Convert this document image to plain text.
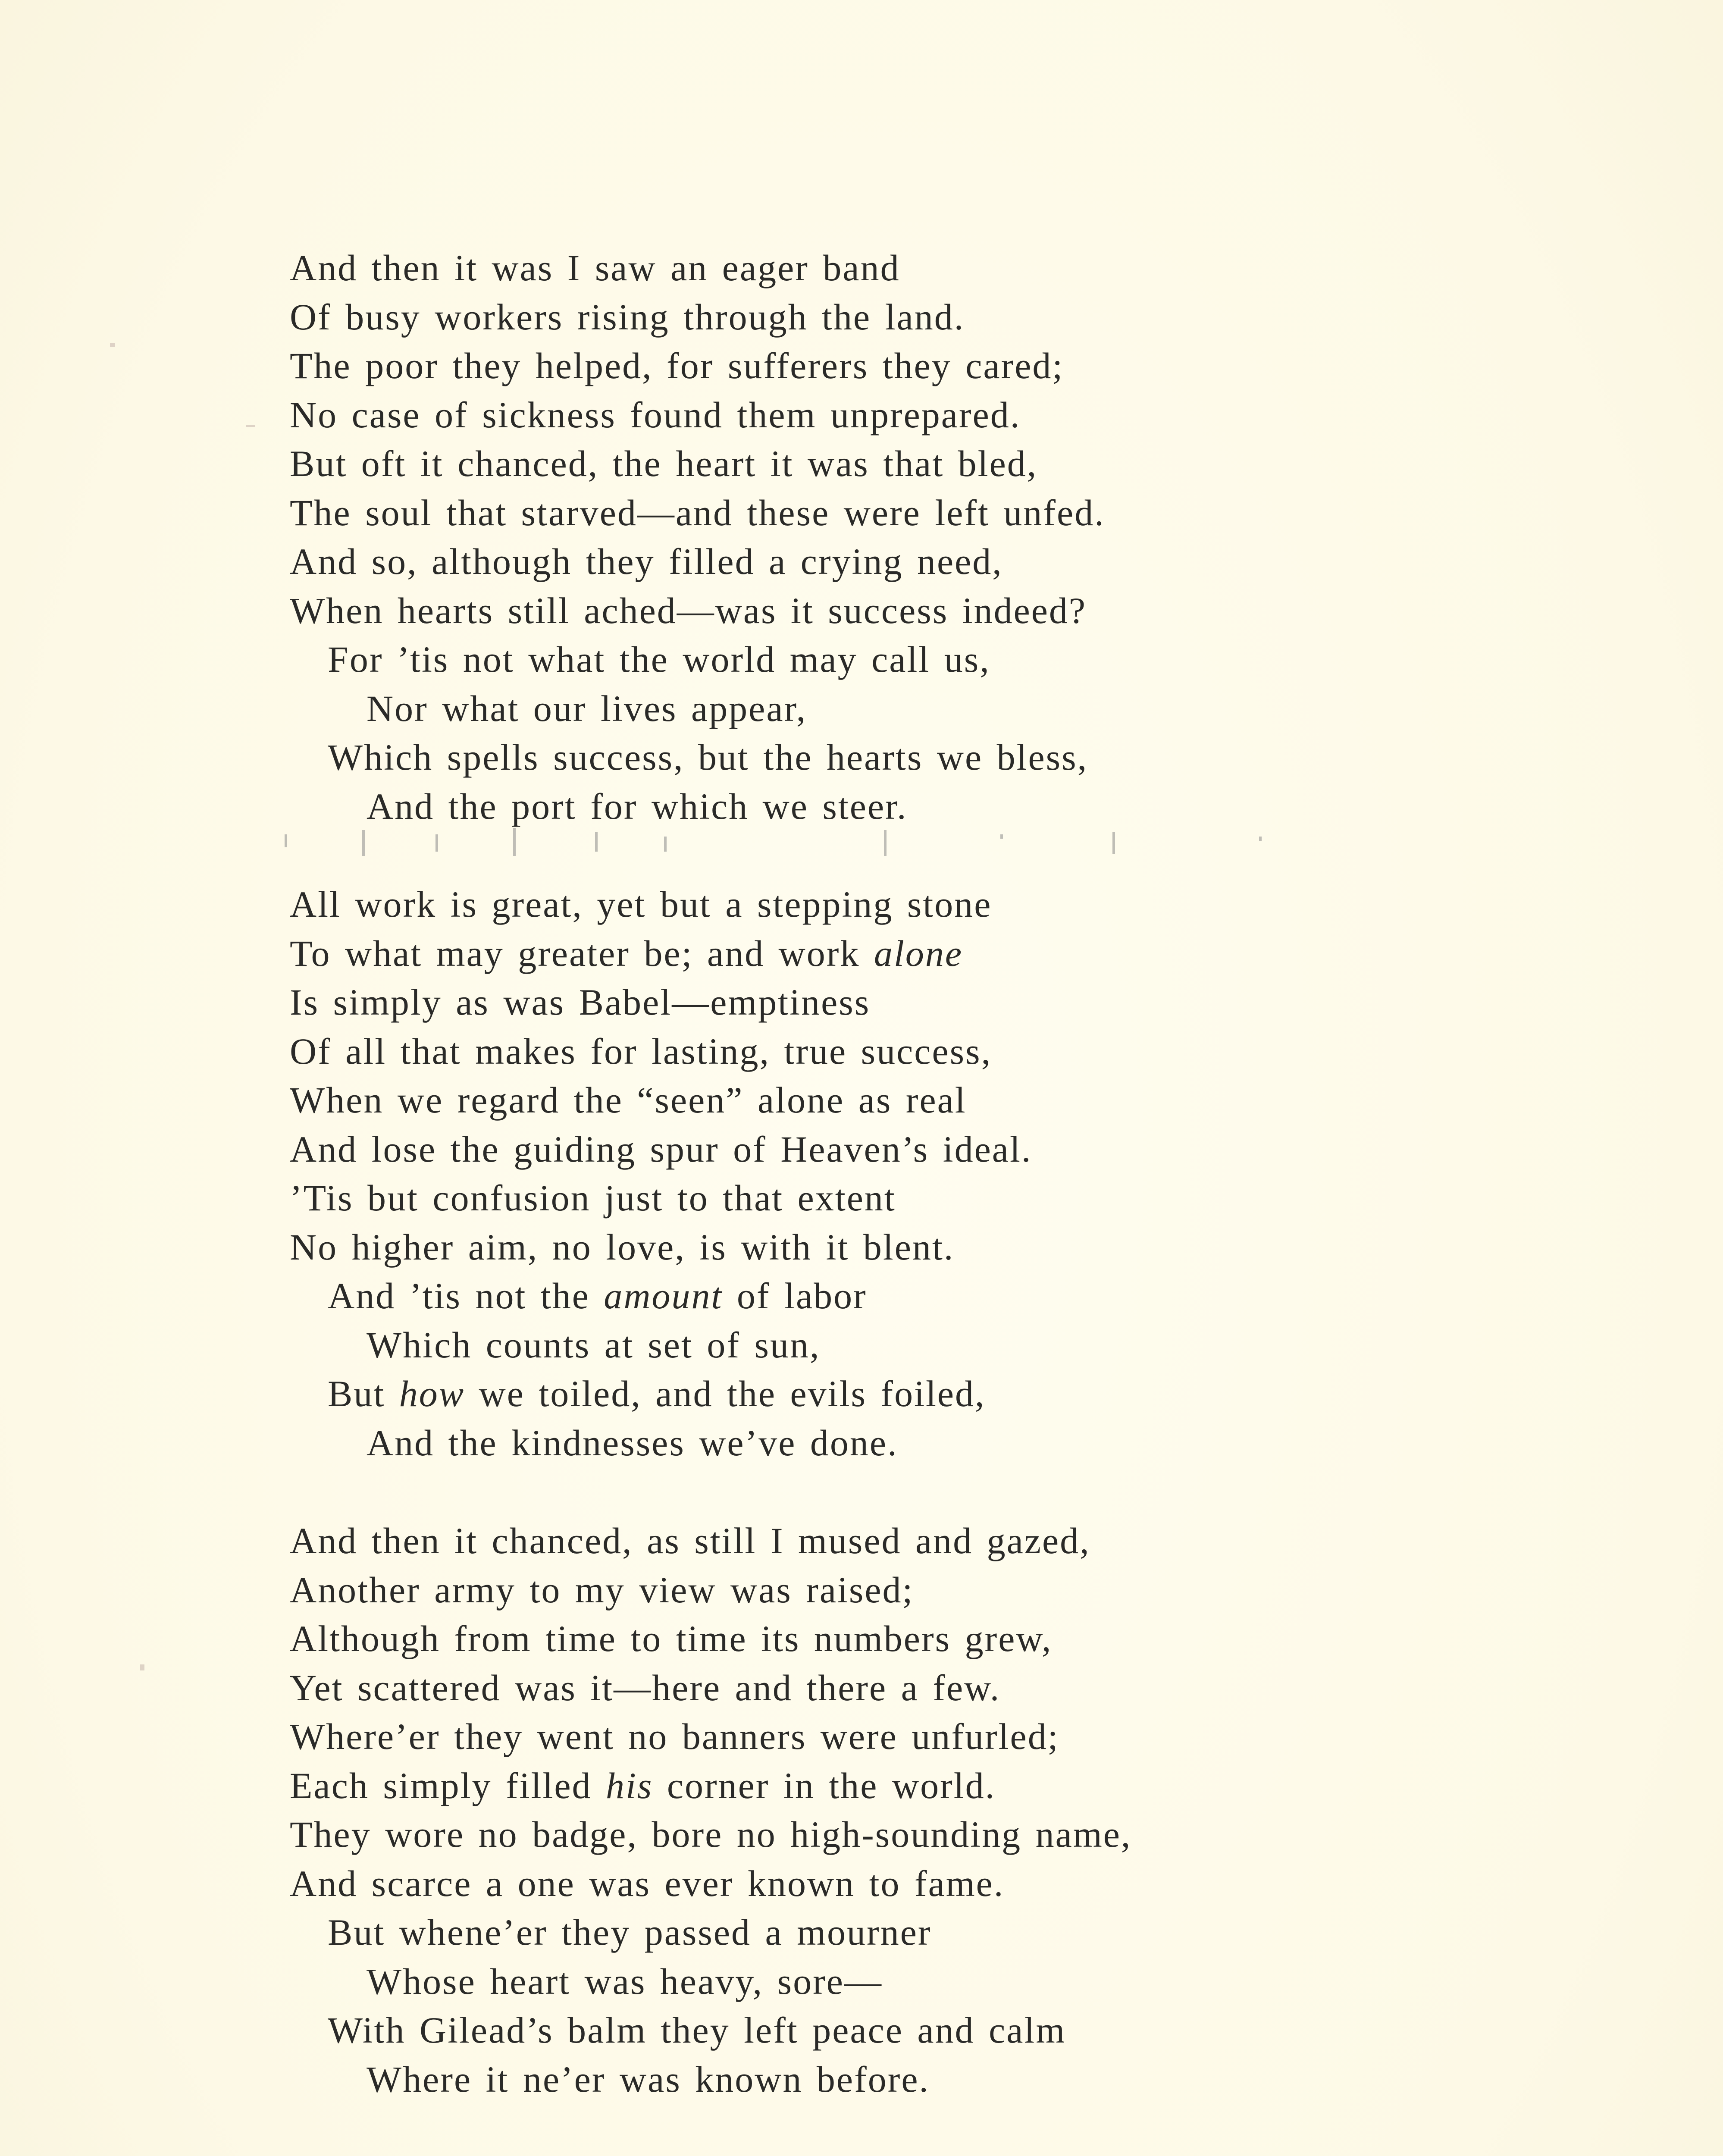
And then it was I saw an eager band
Of busy workers rising through the land.
The poor they helped, for sufferers they cared;
No case of sickness found them unprepared.
But oft it chanced, the heart it was that bled,
The soul that starved—and these were left unfed.
And so, although they filled a crying need,
When hearts still ached—was it success indeed?
For ’tis not what the world may call us,
Nor what our lives appear,
Which spells success, but the hearts we bless,
And the port for which we steer.
All work is great, yet but a stepping stone
To what may greater be; and work alone
Is simply as was Babel—emptiness
Of all that makes for lasting, true success,
When we regard the “seen” alone as real
And lose the guiding spur of Heaven’s ideal.
’Tis but confusion just to that extent
No higher aim, no love, is with it blent.
And ’tis not the amount of labor
Which counts at set of sun,
But how we toiled, and the evils foiled,
And the kindnesses we’ve done.
And then it chanced, as still I mused and gazed,
Another army to my view was raised;
Although from time to time its numbers grew,
Yet scattered was it—here and there a few.
Where’er they went no banners were unfurled;
Each simply filled his corner in the world.
They wore no badge, bore no high-sounding name,
And scarce a one was ever known to fame.
But whene’er they passed a mourner
Whose heart was heavy, sore—
With Gilead’s balm they left peace and calm
Where it ne’er was known before.
